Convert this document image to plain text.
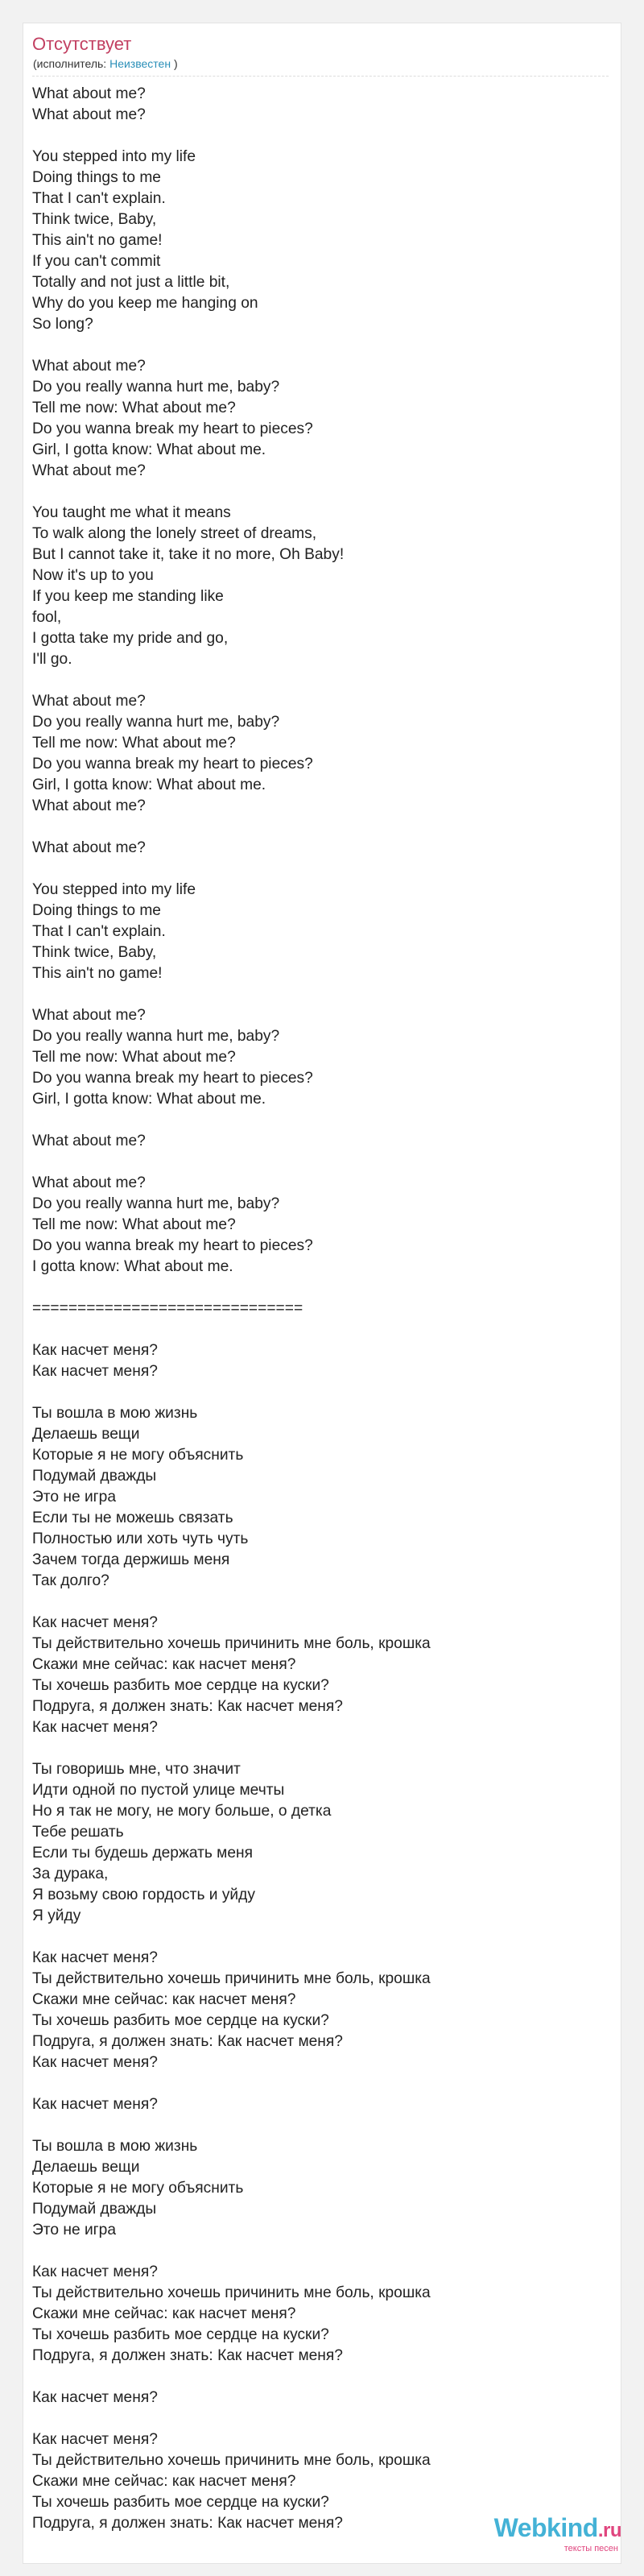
Отсутствует
(исполнитель: Неизвестен )
What about me?
What about me?
You stepped into my life
Doing things to me
That I can't explain.
Think twice, Baby,
This ain't no game!
If you can't commit
Totally and not just a little bit,
Why do you keep me hanging on
So long?
What about me?
Do you really wanna hurt me, baby?
Tell me now: What about me?
Do you wanna break my heart to pieces?
Girl, I gotta know: What about me.
What about me?
You taught me what it means
To walk along the lonely street of dreams,
But I cannot take it, take it no more, Oh Baby!
Now it's up to you
If you keep me standing like
fool,
I gotta take my pride and go,
I'll go.
What about me?
Do you really wanna hurt me, baby?
Tell me now: What about me?
Do you wanna break my heart to pieces?
Girl, I gotta know: What about me.
What about me?
What about me?
You stepped into my life
Doing things to me
That I can't explain.
Think twice, Baby,
This ain't no game!
What about me?
Do you really wanna hurt me, baby?
Tell me now: What about me?
Do you wanna break my heart to pieces?
Girl, I gotta know: What about me.
What about me?
What about me?
Do you really wanna hurt me, baby?
Tell me now: What about me?
Do you wanna break my heart to pieces?
I gotta know: What about me.
==============================
Как насчет меня?
Как насчет меня?
Ты вошла в мою жизнь
Делаешь вещи
Которые я не могу объяснить
Подумай дважды
Это не игра
Если ты не можешь связать
Полностью или хоть чуть чуть
Зачем тогда держишь меня
Так долго?
Как насчет меня?
Ты действительно хочешь причинить мне боль, крошка
Скажи мне сейчас: как насчет меня?
Ты хочешь разбить мое сердце на куски?
Подруга, я должен знать: Как насчет меня?
Как насчет меня?
Ты говоришь мне, что значит
Идти одной по пустой улице мечты
Но я так не могу, не могу больше, о детка
Тебе решать
Если ты будешь держать меня
За дурака,
Я возьму свою гордость и уйду
Я уйду
Как насчет меня?
Ты действительно хочешь причинить мне боль, крошка
Скажи мне сейчас: как насчет меня?
Ты хочешь разбить мое сердце на куски?
Подруга, я должен знать: Как насчет меня?
Как насчет меня?
Как насчет меня?
Ты вошла в мою жизнь
Делаешь вещи
Которые я не могу объяснить
Подумай дважды
Это не игра
Как насчет меня?
Ты действительно хочешь причинить мне боль, крошка
Скажи мне сейчас: как насчет меня?
Ты хочешь разбить мое сердце на куски?
Подруга, я должен знать: Как насчет меня?
Как насчет меня?
Как насчет меня?
Ты действительно хочешь причинить мне боль, крошка
Скажи мне сейчас: как насчет меня?
Ты хочешь разбить мое сердце на куски?
Подруга, я должен знать: Как насчет меня?	Webkind.ru
тексты песен
